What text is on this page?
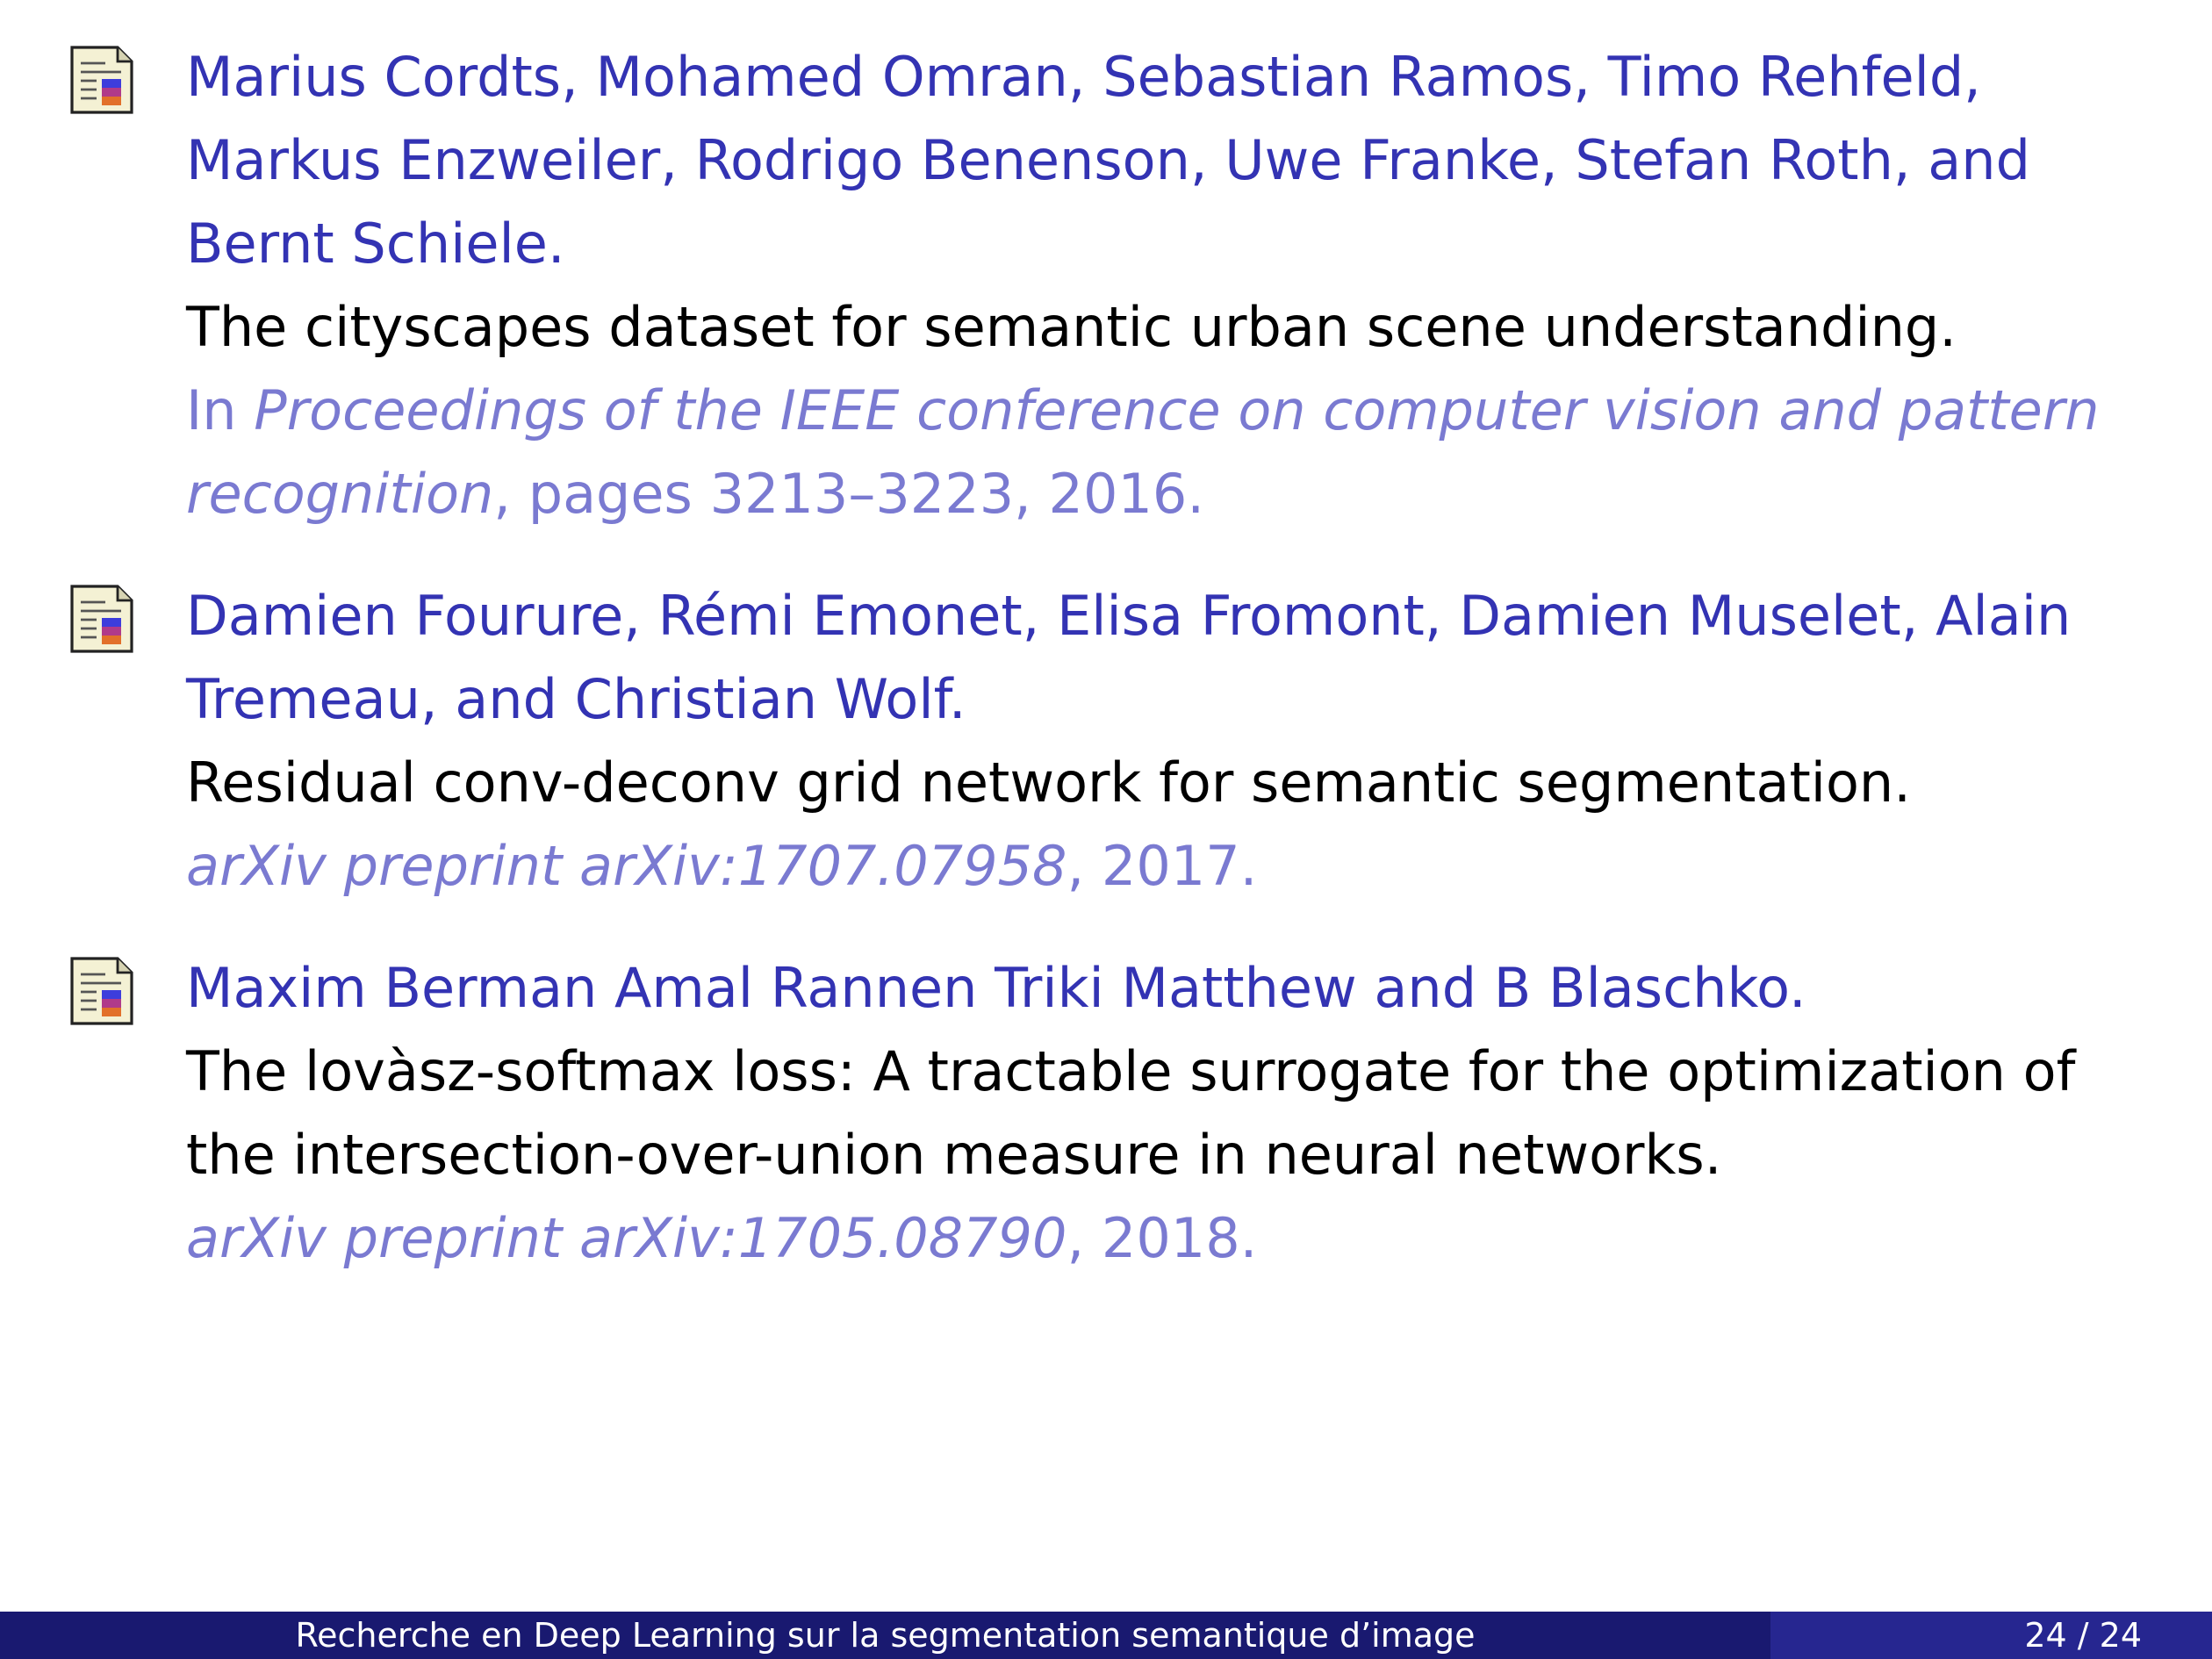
Marius Cordts, Mohamed Omran, Sebastian Ramos, Timo Rehfeld,
Markus Enzweiler, Rodrigo Benenson, Uwe Franke, Stefan Roth, and
Bernt Schiele.
The cityscapes dataset for semantic urban scene understanding.
In Proceedings of the IEEE conference on computer vision and pattern
recognition, pages 3213–3223, 2016.
Damien Fourure, Rémi Emonet, Elisa Fromont, Damien Muselet, Alain
Tremeau, and Christian Wolf.
Residual conv-deconv grid network for semantic segmentation.
arXiv preprint arXiv:1707.07958, 2017.
Maxim Berman Amal Rannen Triki Matthew and B Blaschko.
The lovàsz-softmax loss: A tractable surrogate for the optimization of
the intersection-over-union measure in neural networks.
arXiv preprint arXiv:1705.08790, 2018.
Recherche en Deep Learning sur la segmentation semantique d’image	24 / 24
